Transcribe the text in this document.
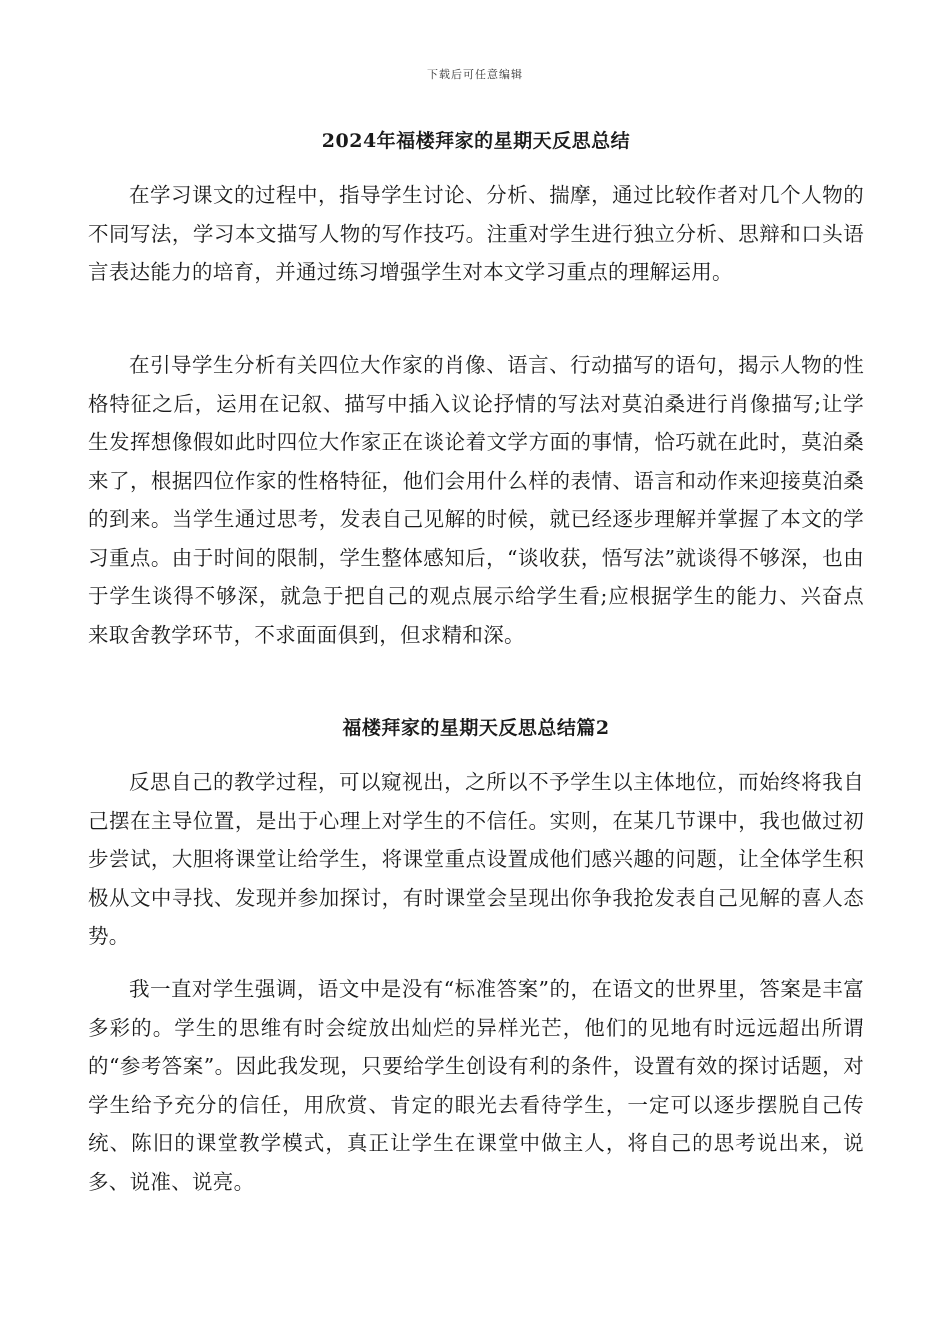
下载后可任意编辑
2024年福楼拜家的星期天反思总结

在学习课文的过程中，指导学生讨论、分析、揣摩，通过比较作者对几个人物的不同写法，学习本文描写人物的写作技巧。注重对学生进行独立分析、思辩和口头语言表达能力的培育，并通过练习增强学生对本文学习重点的理解运用。

在引导学生分析有关四位大作家的肖像、语言、行动描写的语句，揭示人物的性格特征之后，运用在记叙、描写中插入议论抒情的写法对莫泊桑进行肖像描写;让学生发挥想像假如此时四位大作家正在谈论着文学方面的事情，恰巧就在此时，莫泊桑来了，根据四位作家的性格特征，他们会用什么样的表情、语言和动作来迎接莫泊桑的到来。当学生通过思考，发表自己见解的时候，就已经逐步理解并掌握了本文的学习重点。由于时间的限制，学生整体感知后，“谈收获，悟写法”就谈得不够深，也由于学生谈得不够深，就急于把自己的观点展示给学生看;应根据学生的能力、兴奋点来取舍教学环节，不求面面俱到，但求精和深。

福楼拜家的星期天反思总结篇2

反思自己的教学过程，可以窥视出，之所以不予学生以主体地位，而始终将我自己摆在主导位置，是出于心理上对学生的不信任。实则，在某几节课中，我也做过初步尝试，大胆将课堂让给学生，将课堂重点设置成他们感兴趣的问题，让全体学生积极从文中寻找、发现并参加探讨，有时课堂会呈现出你争我抢发表自己见解的喜人态势。

我一直对学生强调，语文中是没有“标准答案”的，在语文的世界里，答案是丰富多彩的。学生的思维有时会绽放出灿烂的异样光芒，他们的见地有时远远超出所谓的“参考答案”。因此我发现，只要给学生创设有利的条件，设置有效的探讨话题，对学生给予充分的信任，用欣赏、肯定的眼光去看待学生，一定可以逐步摆脱自己传统、陈旧的课堂教学模式，真正让学生在课堂中做主人，将自己的思考说出来，说多、说准、说亮。
